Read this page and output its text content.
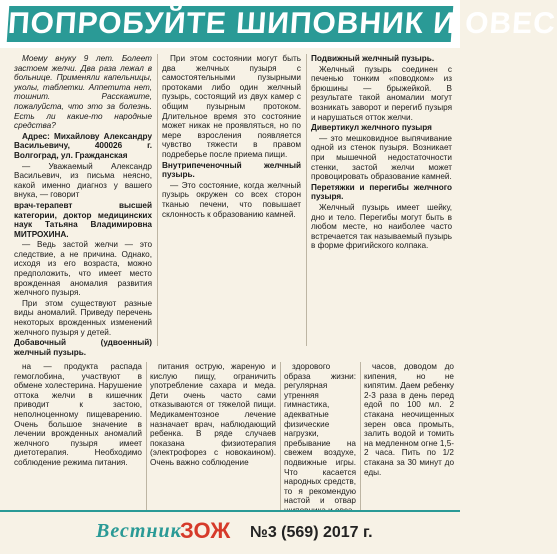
ПОПРОБУЙТЕ ШИПОВНИК И ОВЕС

Моему внуку 9 лет. Болеет застоем желчи. Два раза лежал в больнице. Применяли капельницы, уколы, таблетки. Аппетита нет, тошнит. Расскажите, пожалуйста, что это за болезнь. Есть ли какие-то народные средства?

Адрес: Михайлову Александру Васильевичу, 400026 г. Волгоград, ул. Гражданская

— Уважаемый Александр Васильевич, из письма неясно, какой именно диагноз у вашего внука, — говорит

врач-терапевт высшей категории, доктор медицинских наук Татьяна Владимировна МИТРОХИНА.

— Ведь застой желчи — это следствие, а не причина. Однако, исходя из его возраста, можно предположить, что имеет место врожденная аномалия развития желчного пузыря.

При этом существуют разные виды аномалий. Приведу перечень некоторых врожденных изменений желчного пузыря у детей.

Добавочный (удвоенный) желчный пузырь.

При этом состоянии могут быть два желчных пузыря с самостоятельными пузырными протоками либо один желчный пузырь, состоящий из двух камер с общим пузырным протоком. Длительное время это состояние может никак не проявляться, но по мере взросления появляется чувство тяжести в правом подреберье после приема пищи.

Внутрипеченочный желчный пузырь.

— Это состояние, когда желчный пузырь окружен со всех сторон тканью печени, что повышает склонность к образованию камней.

Подвижный желчный пузырь.

Желчный пузырь соединен с печенью тонким «поводком» из брюшины — брыжейкой. В результате такой аномалии могут возникать заворот и перегиб пузыря и нарушаться отток желчи.

Дивертикул желчного пузыря

— это мешковидное выпячивание одной из стенок пузыря. Возникает при мышечной недостаточности стенки, застой желчи может провоцировать образование камней.

Перетяжки и перегибы желчного пузыря.

Желчный пузырь имеет шейку, дно и тело. Перегибы могут быть в любом месте, но наиболее часто встречается так называемый пузырь в форме фригийского колпака.

на — продукта распада гемоглобина, участвуют в обмене холестерина. Нарушение оттока желчи в кишечник приводит к застою, неполноценному пищеварению. Очень большое значение в лечении врожденных аномалий желчного пузыря имеет диетотерапия. Необходимо соблюдение режима питания.

питания острую, жареную и кислую пищу, ограничить употребление сахара и меда. Дети очень часто сами отказываются от тяжелой пищи. Медикаментозное лечение назначает врач, наблюдающий ребенка. В ряде случаев показана физиотерапия (электрофорез с новокаином). Очень важно соблюдение

здорового образа жизни: регулярная утренняя гимнастика, адекватные физические нагрузки, пребывание на свежем воздухе, подвижные игры. Что касается народных средств, то я рекомендую настой и отвар

часов, доводом до кипения, но не кипятим. Даем ребенку 2-3 раза в день перед едой по 100 мл. 2 стакана неочищенных зерен овса промыть, залить водой и томить на медленном огне 1,5-2 часа. Пить по 1/2 стакана за 30 минут до еды.

Вестник
ЗОЖ №3 (569) 2017 г.
